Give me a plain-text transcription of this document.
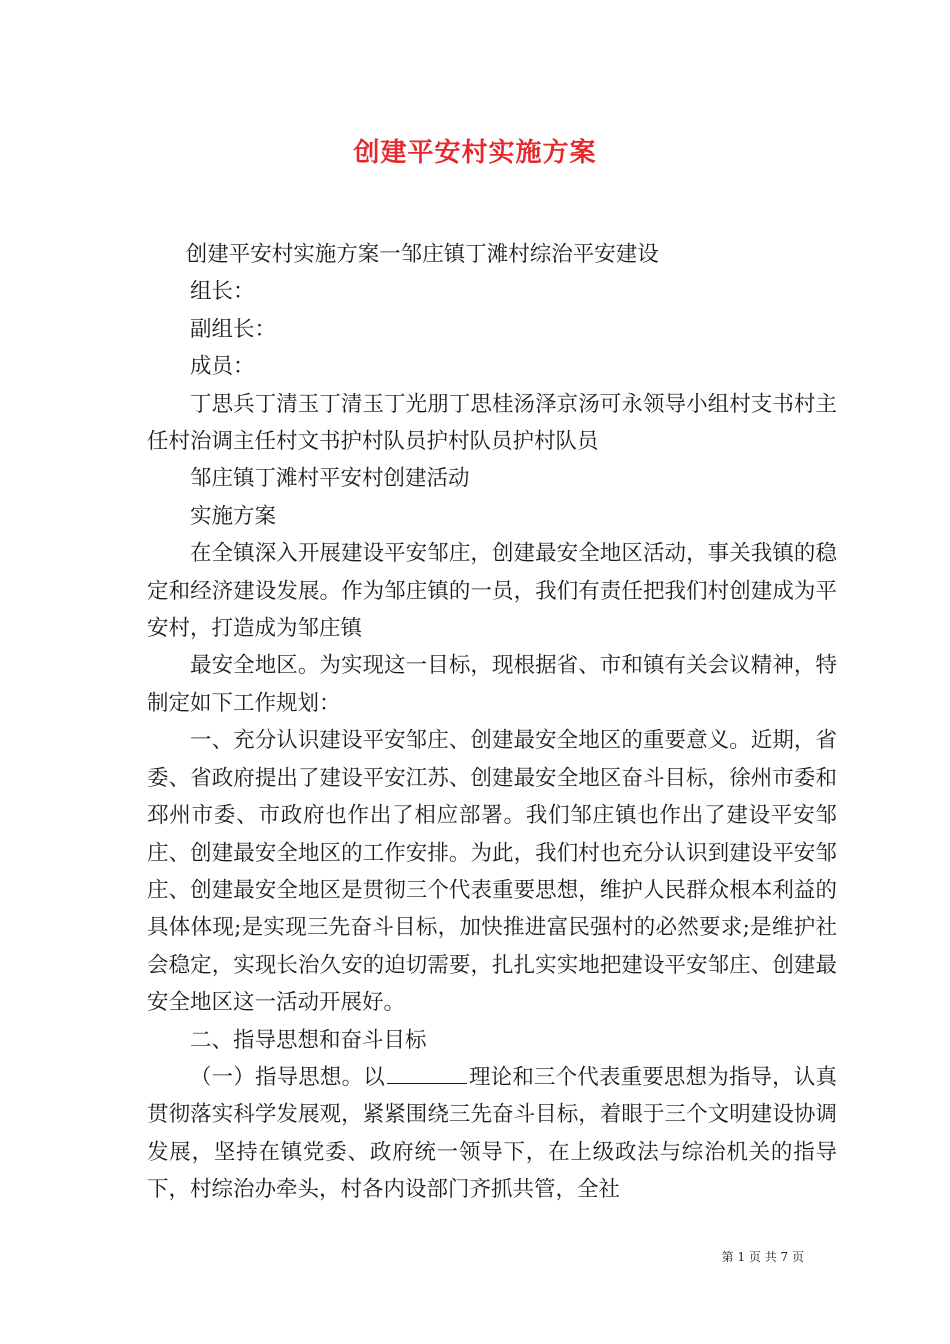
创建平安村实施方案

创建平安村实施方案一邹庄镇丁滩村综治平安建设

组长：

副组长：

成员：

丁思兵丁清玉丁清玉丁光朋丁思桂汤泽京汤可永领导小组村支书村主任村治调主任村文书护村队员护村队员护村队员

邹庄镇丁滩村平安村创建活动

实施方案

在全镇深入开展建设平安邹庄，创建最安全地区活动，事关我镇的稳定和经济建设发展。作为邹庄镇的一员，我们有责任把我们村创建成为平安村，打造成为邹庄镇

最安全地区。为实现这一目标，现根据省、市和镇有关会议精神，特制定如下工作规划：

一、充分认识建设平安邹庄、创建最安全地区的重要意义。近期，省委、省政府提出了建设平安江苏、创建最安全地区奋斗目标，徐州市委和邳州市委、市政府也作出了相应部署。我们邹庄镇也作出了建设平安邹庄、创建最安全地区的工作安排。为此，我们村也充分认识到建设平安邹庄、创建最安全地区是贯彻三个代表重要思想，维护人民群众根本利益的具体体现;是实现三先奋斗目标，加快推进富民强村的必然要求;是维护社会稳定，实现长治久安的迫切需要，扎扎实实地把建设平安邹庄、创建最安全地区这一活动开展好。

二、指导思想和奋斗目标

（一）指导思想。以	理论和三个代表重要思想为指导，认真贯彻落实科学发展观，紧紧围绕三先奋斗目标，着眼于三个文明建设协调发展，坚持在镇党委、政府统一领导下，在上级政法与综治机关的指导下，村综治办牵头，村各内设部门齐抓共管，全社

第 1 页 共 7 页
